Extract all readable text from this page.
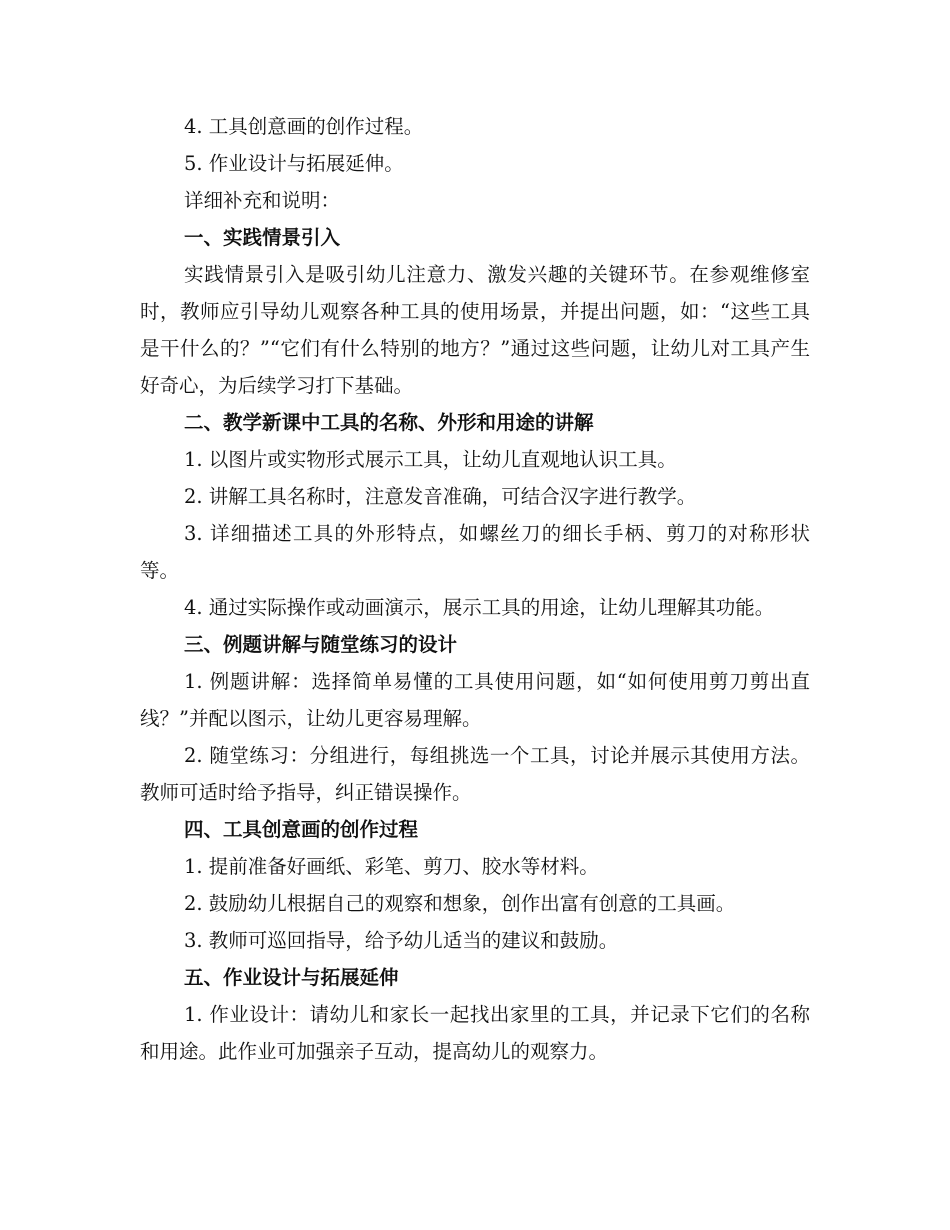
4. 工具创意画的创作过程。

5. 作业设计与拓展延伸。

详细补充和说明：

一、实践情景引入

实践情景引入是吸引幼儿注意力、激发兴趣的关键环节。在参观维修室时，教师应引导幼儿观察各种工具的使用场景，并提出问题，如：“这些工具是干什么的？”“它们有什么特别的地方？”通过这些问题，让幼儿对工具产生好奇心，为后续学习打下基础。

二、教学新课中工具的名称、外形和用途的讲解

1. 以图片或实物形式展示工具，让幼儿直观地认识工具。

2. 讲解工具名称时，注意发音准确，可结合汉字进行教学。

3. 详细描述工具的外形特点，如螺丝刀的细长手柄、剪刀的对称形状等。

4. 通过实际操作或动画演示，展示工具的用途，让幼儿理解其功能。

三、例题讲解与随堂练习的设计

1. 例题讲解：选择简单易懂的工具使用问题，如“如何使用剪刀剪出直线？”并配以图示，让幼儿更容易理解。

2. 随堂练习：分组进行，每组挑选一个工具，讨论并展示其使用方法。教师可适时给予指导，纠正错误操作。

四、工具创意画的创作过程

1. 提前准备好画纸、彩笔、剪刀、胶水等材料。

2. 鼓励幼儿根据自己的观察和想象，创作出富有创意的工具画。

3. 教师可巡回指导，给予幼儿适当的建议和鼓励。

五、作业设计与拓展延伸

1. 作业设计：请幼儿和家长一起找出家里的工具，并记录下它们的名称和用途。此作业可加强亲子互动，提高幼儿的观察力。
